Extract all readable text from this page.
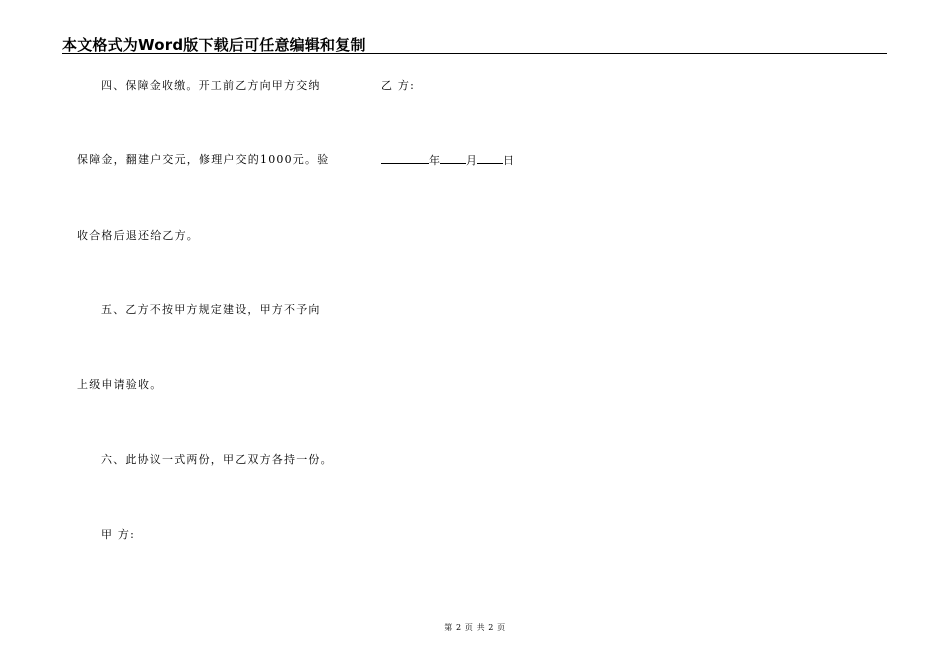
本文格式为Word版下载后可任意编辑和复制
四、保障金收缴。开工前乙方向甲方交纳
保障金，翻建户交元，修理户交的1000元。验
收合格后退还给乙方。
五、乙方不按甲方规定建设，甲方不予向
上级申请验收。
六、此协议一式两份，甲乙双方各持一份。
甲 方:
乙 方:
年 月 日
第 2 页 共 2 页
